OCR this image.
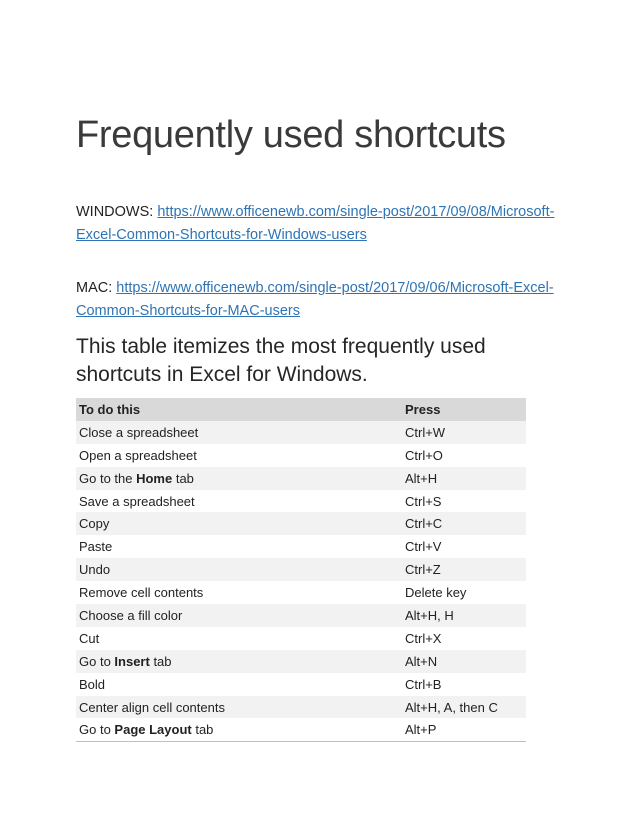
Frequently used shortcuts
WINDOWS: https://www.officenewb.com/single-post/2017/09/08/Microsoft-Excel-Common-Shortcuts-for-Windows-users
MAC: https://www.officenewb.com/single-post/2017/09/06/Microsoft-Excel-Common-Shortcuts-for-MAC-users

This table itemizes the most frequently used shortcuts in Excel for Windows.

To do this	Press
Close a spreadsheet	Ctrl+W
Open a spreadsheet	Ctrl+O
Go to the Home tab	Alt+H
Save a spreadsheet	Ctrl+S
Copy	Ctrl+C
Paste	Ctrl+V
Undo	Ctrl+Z
Remove cell contents	Delete key
Choose a fill color	Alt+H, H
Cut	Ctrl+X
Go to Insert tab	Alt+N
Bold	Ctrl+B
Center align cell contents	Alt+H, A, then C
Go to Page Layout tab	Alt+P
